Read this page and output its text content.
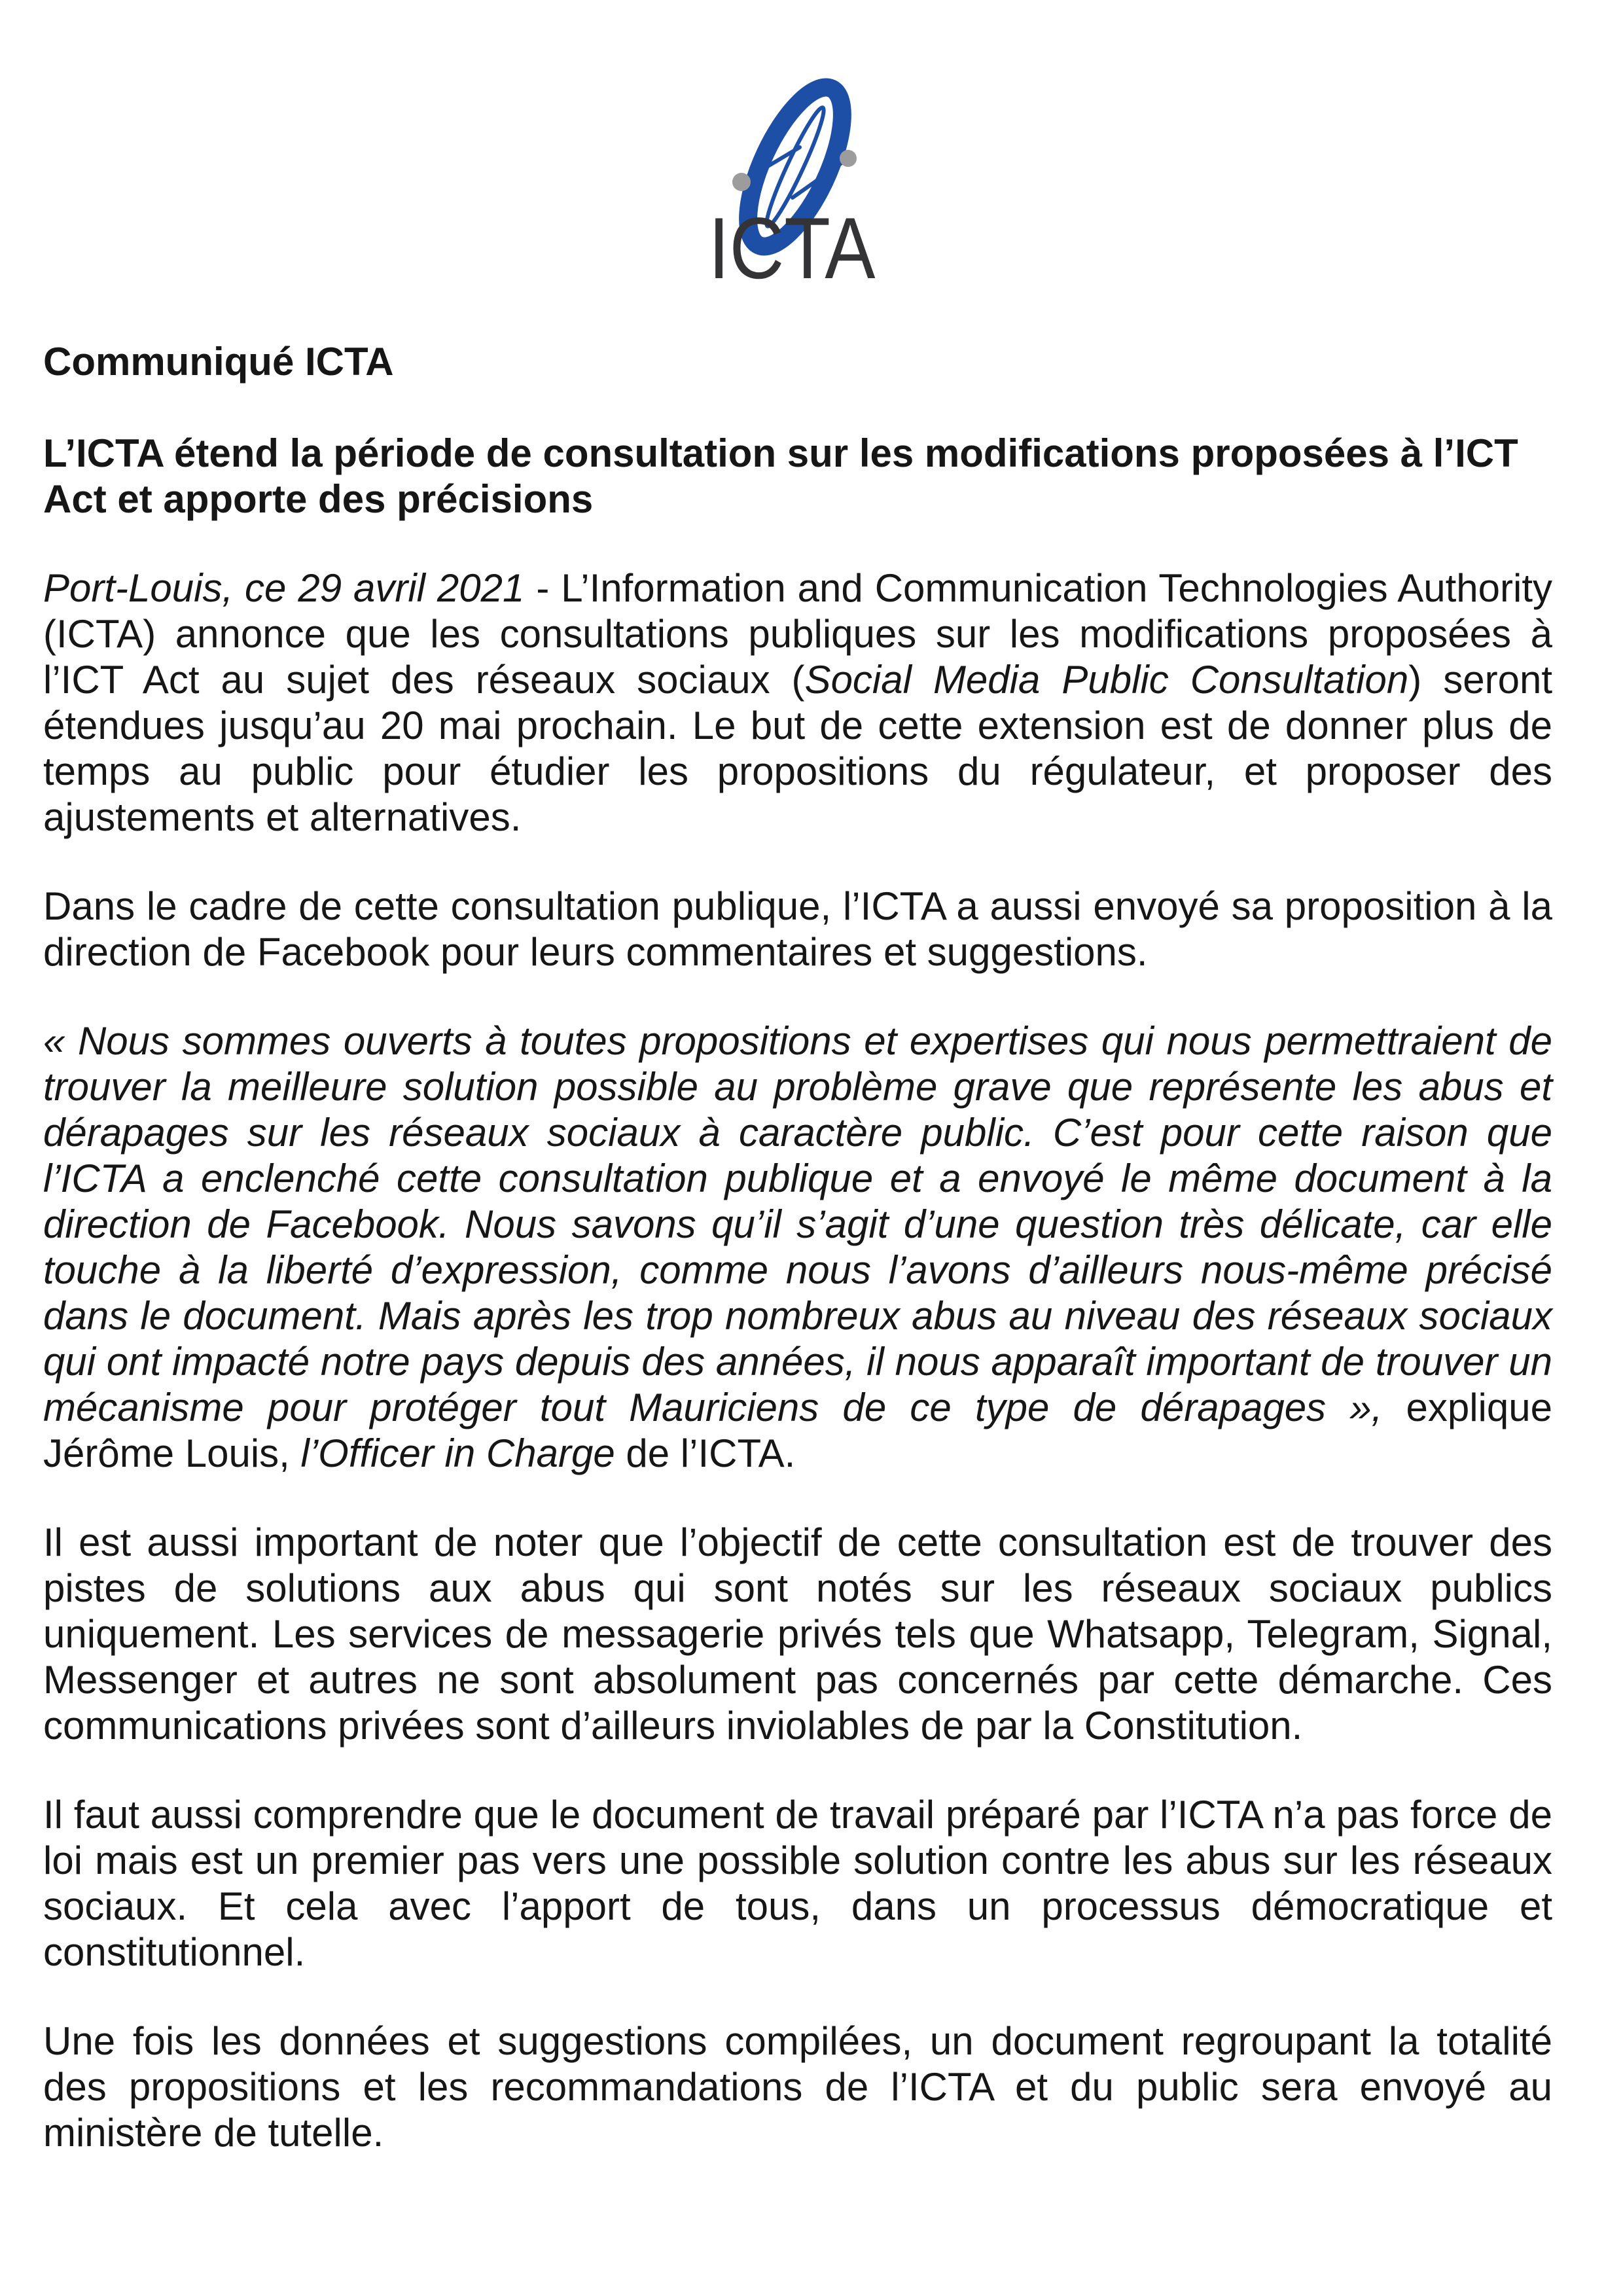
ICTA

Communiqué ICTA

L’ICTA étend la période de consultation sur les modifications proposées à l’ICT Act et apporte des précisions

Port-Louis, ce 29 avril 2021 - L’Information and Communication Technologies Authority (ICTA) annonce que les consultations publiques sur les modifications proposées à l’ICT Act au sujet des réseaux sociaux (Social Media Public Consultation) seront étendues jusqu’au 20 mai prochain. Le but de cette extension est de donner plus de temps au public pour étudier les propositions du régulateur, et proposer des ajustements et alternatives.

Dans le cadre de cette consultation publique, l’ICTA a aussi envoyé sa proposition à la direction de Facebook pour leurs commentaires et suggestions.

« Nous sommes ouverts à toutes propositions et expertises qui nous permettraient de trouver la meilleure solution possible au problème grave que représente les abus et dérapages sur les réseaux sociaux à caractère public. C’est pour cette raison que l’ICTA a enclenché cette consultation publique et a envoyé le même document à la direction de Facebook. Nous savons qu’il s’agit d’une question très délicate, car elle touche à la liberté d’expression, comme nous l’avons d’ailleurs nous-même précisé dans le document. Mais après les trop nombreux abus au niveau des réseaux sociaux qui ont impacté notre pays depuis des années, il nous apparaît important de trouver un mécanisme pour protéger tout Mauriciens de ce type de dérapages », explique Jérôme Louis, l’Officer in Charge de l’ICTA.

Il est aussi important de noter que l’objectif de cette consultation est de trouver des pistes de solutions aux abus qui sont notés sur les réseaux sociaux publics uniquement. Les services de messagerie privés tels que Whatsapp, Telegram, Signal, Messenger et autres ne sont absolument pas concernés par cette démarche. Ces communications privées sont d’ailleurs inviolables de par la Constitution.

Il faut aussi comprendre que le document de travail préparé par l’ICTA n’a pas force de loi mais est un premier pas vers une possible solution contre les abus sur les réseaux sociaux. Et cela avec l’apport de tous, dans un processus démocratique et constitutionnel.

Une fois les données et suggestions compilées, un document regroupant la totalité des propositions et les recommandations de l’ICTA et du public sera envoyé au ministère de tutelle.
